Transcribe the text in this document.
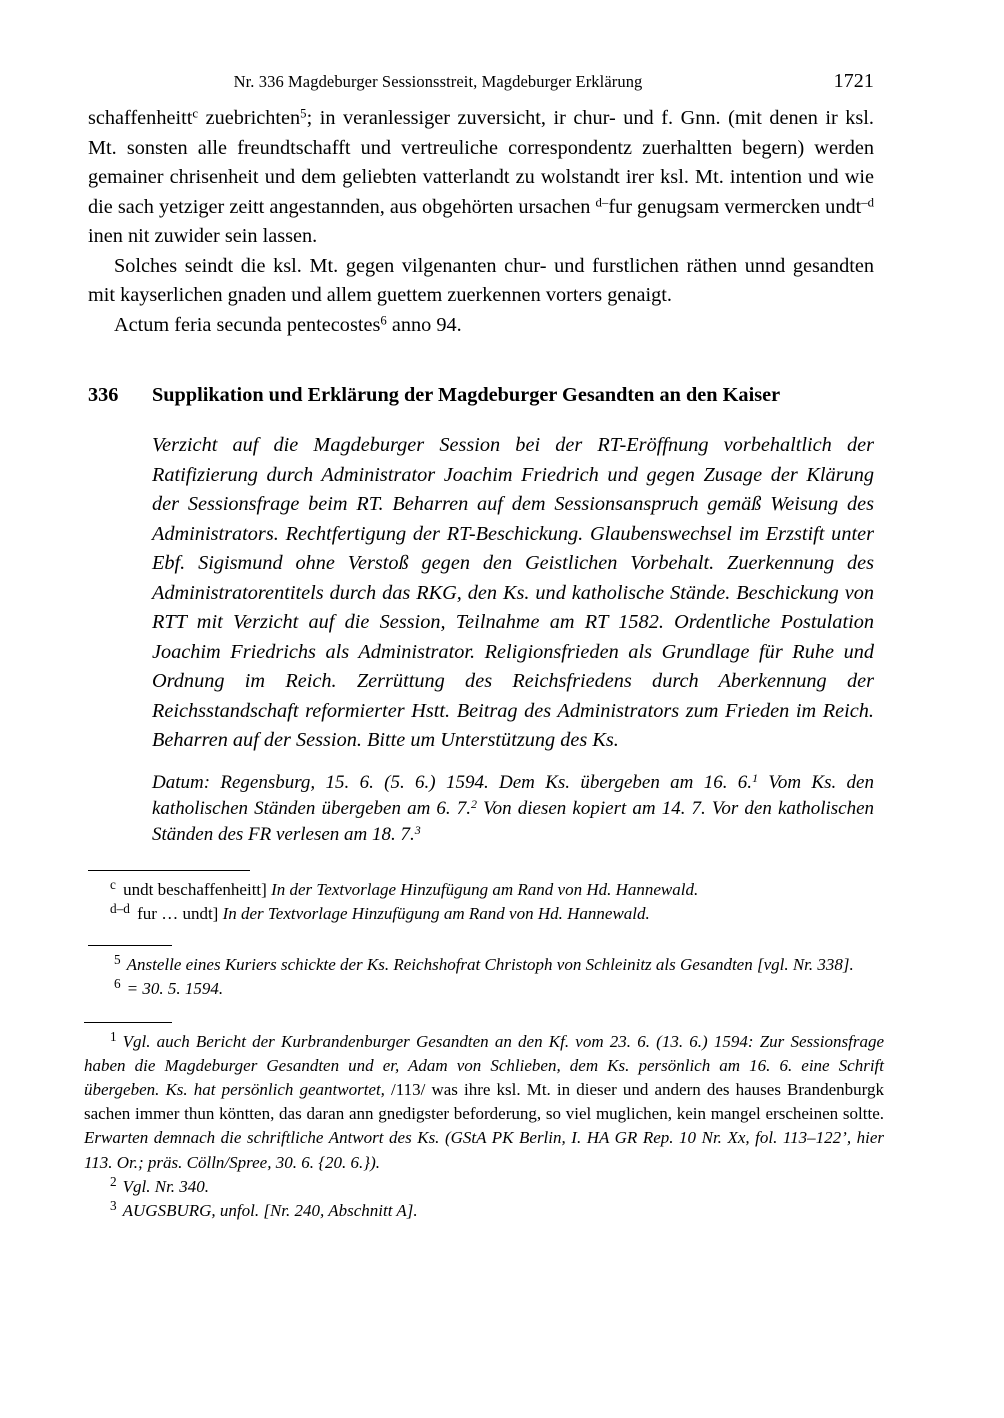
Nr. 336 Magdeburger Sessionsstreit, Magdeburger Erklärung	1721

schaffenheitt$^c$ zuebrichten$^5$; in veranlessiger zuversicht, ir chur- und f. Gnn. (mit denen ir ksl. Mt. sonsten alle freundtschafft und vertreuliche correspondentz zuerhaltten begern) werden gemainer chrisenheit und dem geliebten vatterlandt zu wolstandt irer ksl. Mt. intention und wie die sach yetziger zeitt angestannden, aus obgehörten ursachen $^{d-}$fur genugsam vermercken undt$^{-d}$ inen nit zuwider sein lassen.

Solches seindt die ksl. Mt. gegen vilgenanten chur- und furstlichen räthen unnd gesandten mit kayserlichen gnaden und allem guettem zuerkennen vorters genaigt.

Actum feria secunda pentecostes$^6$ anno 94.

336	Supplikation und Erklärung der Magdeburger Gesandten an den Kaiser

Verzicht auf die Magdeburger Session bei der RT-Eröffnung vorbehaltlich der Ratifizierung durch Administrator Joachim Friedrich und gegen Zusage der Klärung der Sessionsfrage beim RT. Beharren auf dem Sessionsanspruch gemäß Weisung des Administrators. Rechtfertigung der RT-Beschickung. Glaubenswechsel im Erzstift unter Ebf. Sigismund ohne Verstoß gegen den Geistlichen Vorbehalt. Zuerkennung des Administratorentitels durch das RKG, den Ks. und katholische Stände. Beschickung von RTT mit Verzicht auf die Session, Teilnahme am RT 1582. Ordentliche Postulation Joachim Friedrichs als Administrator. Religionsfrieden als Grundlage für Ruhe und Ordnung im Reich. Zerrüttung des Reichsfriedens durch Aberkennung der Reichsstandschaft reformierter Hstt. Beitrag des Administrators zum Frieden im Reich. Beharren auf der Session. Bitte um Unterstützung des Ks.

Datum: Regensburg, 15. 6. (5. 6.) 1594. Dem Ks. übergeben am 16. 6.$^1$ Vom Ks. den katholischen Ständen übergeben am 6. 7.$^2$ Von diesen kopiert am 14. 7. Vor den katholischen Ständen des FR verlesen am 18. 7.$^3$

$^c$ undt beschaffenheitt] In der Textvorlage Hinzufügung am Rand von Hd. Hannewald.
$^{d-d}$ fur … undt] In der Textvorlage Hinzufügung am Rand von Hd. Hannewald.
$^5$ Anstelle eines Kuriers schickte der Ks. Reichshofrat Christoph von Schleinitz als Gesandten [vgl. Nr. 338].
$^6$ = 30. 5. 1594.
$^1$ Vgl. auch Bericht der Kurbrandenburger Gesandten an den Kf. vom 23. 6. (13. 6.) 1594: Zur Sessionsfrage haben die Magdeburger Gesandten und er, Adam von Schlieben, dem Ks. persönlich am 16. 6. eine Schrift übergeben. Ks. hat persönlich geantwortet, /113/ was ihre ksl. Mt. in dieser und andern des hauses Brandenburgk sachen immer thun köntten, das daran ann gnedigster beforderung, so viel muglichen, kein mangel erscheinen soltte. Erwarten demnach die schriftliche Antwort des Ks. (GStA PK Berlin, I. HA GR Rep. 10 Nr. Xx, fol. 113–122’, hier 113. Or.; präs. Cölln/Spree, 30. 6. {20. 6.}).
$^2$ Vgl. Nr. 340.
$^3$ AUGSBURG, unfol. [Nr. 240, Abschnitt A].
